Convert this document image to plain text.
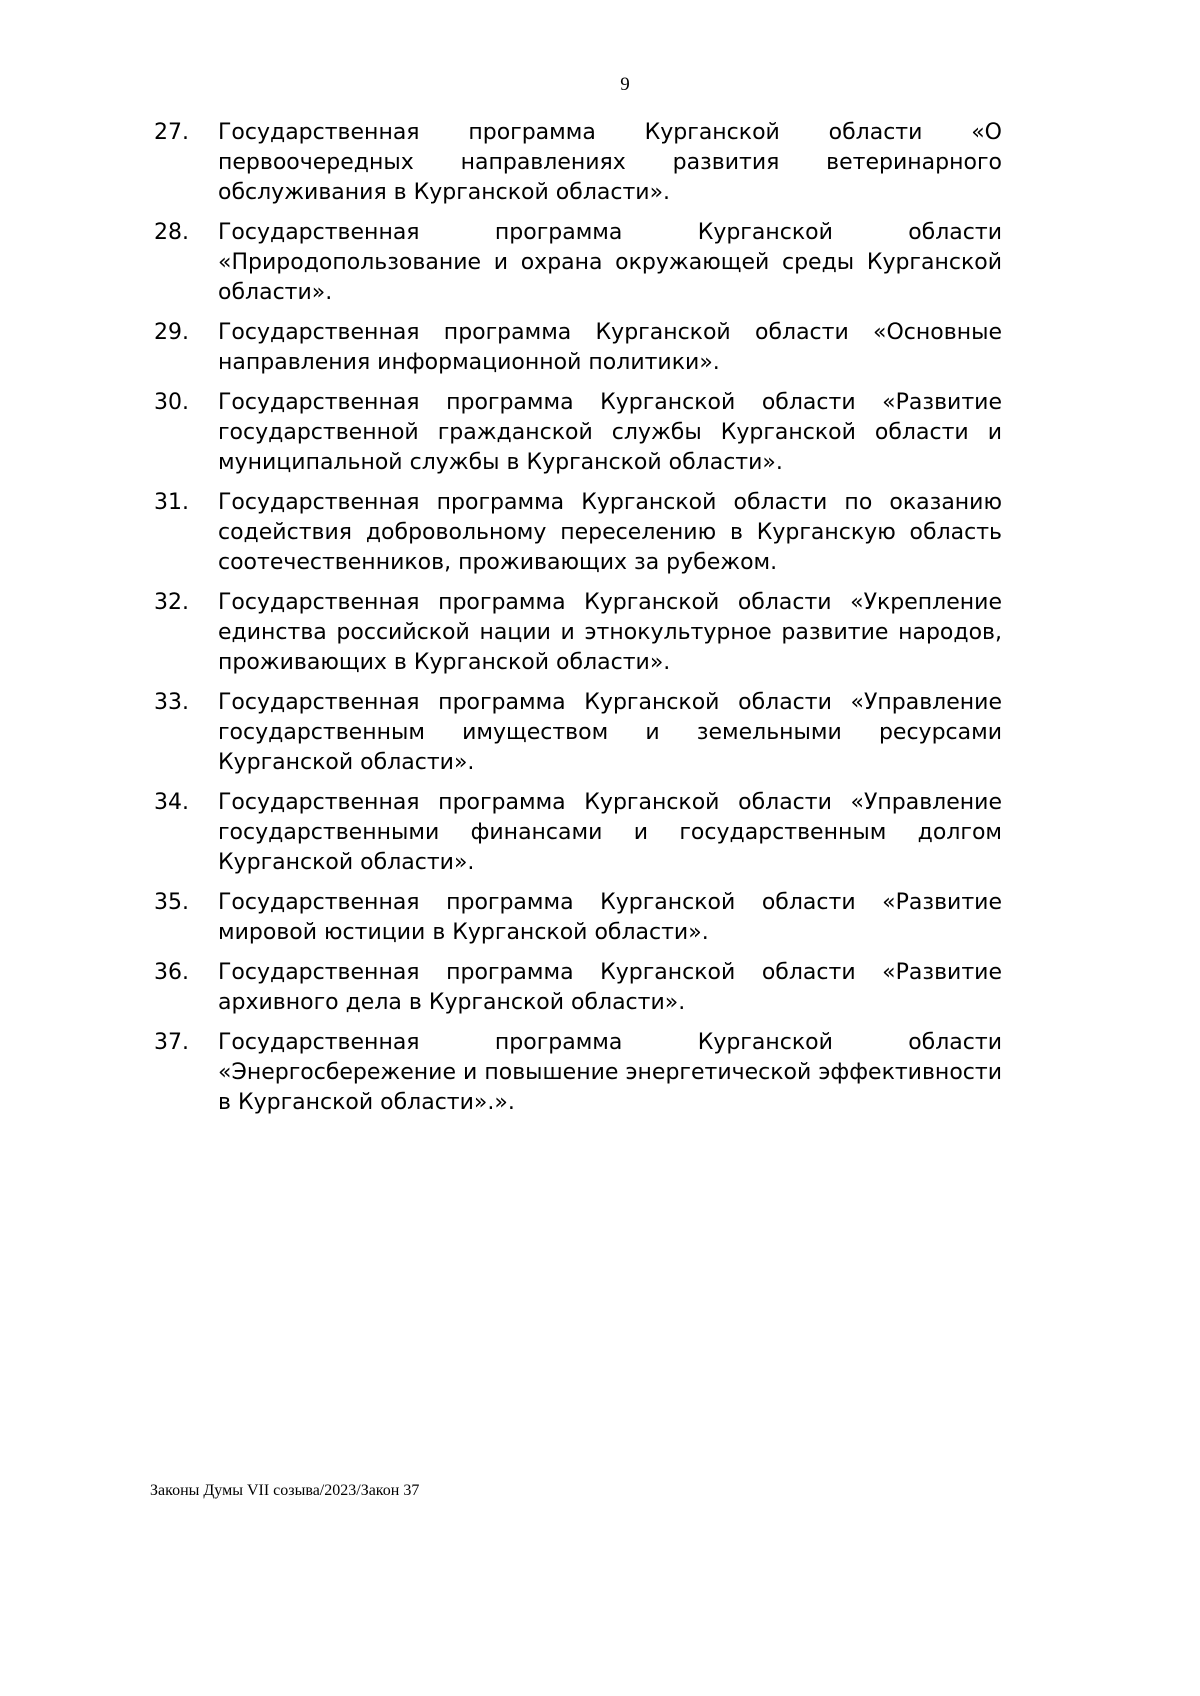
9
27.	Государственная программа Курганской области «О первоочередных направлениях развития ветеринарного обслуживания в Курганской области».
28.	Государственная программа Курганской области «Природопользование и охрана окружающей среды Курганской области».
29.	Государственная программа Курганской области «Основные направления информационной политики».
30.	Государственная программа Курганской области «Развитие государственной гражданской службы Курганской области и муниципальной службы в Курганской области».
31.	Государственная программа Курганской области по оказанию содействия добровольному переселению в Курганскую область соотечественников, проживающих за рубежом.
32.	Государственная программа Курганской области «Укрепление единства российской нации и этнокультурное развитие народов, проживающих в Курганской области».
33.	Государственная программа Курганской области «Управление государственным имуществом и земельными ресурсами Курганской области».
34.	Государственная программа Курганской области «Управление государственными финансами и государственным долгом Курганской области».
35.	Государственная программа Курганской области «Развитие мировой юстиции в Курганской области».
36.	Государственная программа Курганской области «Развитие архивного дела в Курганской области».
37.	Государственная программа Курганской области «Энергосбережение и повышение энергетической эффективности в Курганской области».».
Законы Думы VII созыва/2023/Закон 37
